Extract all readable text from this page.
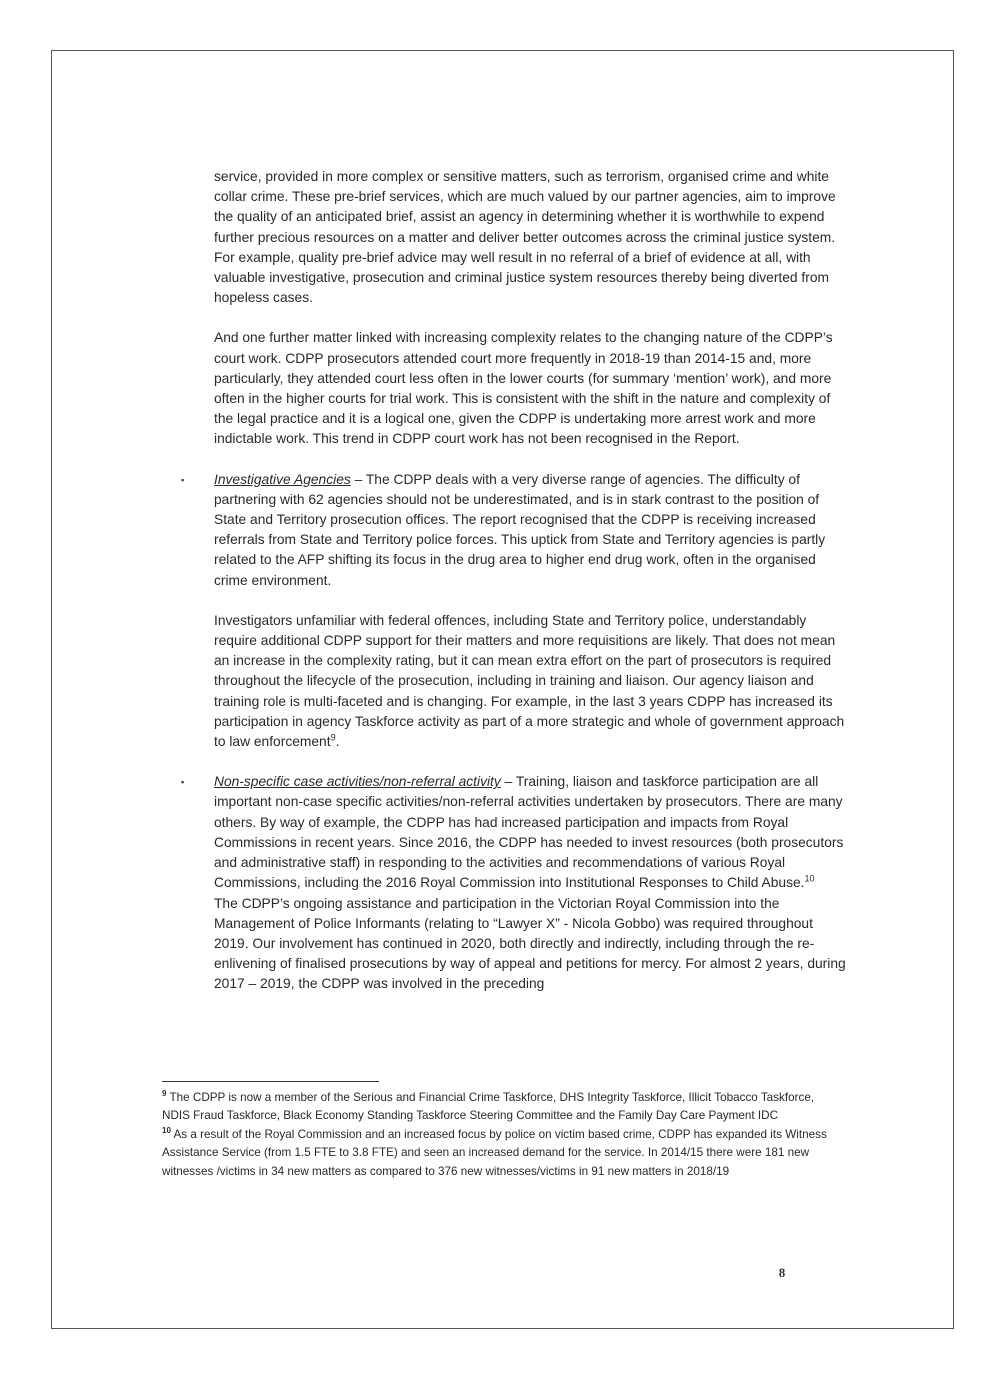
service, provided in more complex or sensitive matters, such as terrorism, organised crime and white collar crime. These pre-brief services, which are much valued by our partner agencies, aim to improve the quality of an anticipated brief, assist an agency in determining whether it is worthwhile to expend further precious resources on a matter and deliver better outcomes across the criminal justice system. For example, quality pre-brief advice may well result in no referral of a brief of evidence at all, with valuable investigative, prosecution and criminal justice system resources thereby being diverted from hopeless cases.

And one further matter linked with increasing complexity relates to the changing nature of the CDPP’s court work. CDPP prosecutors attended court more frequently in 2018-19 than 2014-15 and, more particularly, they attended court less often in the lower courts (for summary ‘mention’ work), and more often in the higher courts for trial work. This is consistent with the shift in the nature and complexity of the legal practice and it is a logical one, given the CDPP is undertaking more arrest work and more indictable work. This trend in CDPP court work has not been recognised in the Report.

▪ Investigative Agencies – The CDPP deals with a very diverse range of agencies. The difficulty of partnering with 62 agencies should not be underestimated, and is in stark contrast to the position of State and Territory prosecution offices. The report recognised that the CDPP is receiving increased referrals from State and Territory police forces. This uptick from State and Territory agencies is partly related to the AFP shifting its focus in the drug area to higher end drug work, often in the organised crime environment.

Investigators unfamiliar with federal offences, including State and Territory police, understandably require additional CDPP support for their matters and more requisitions are likely. That does not mean an increase in the complexity rating, but it can mean extra effort on the part of prosecutors is required throughout the lifecycle of the prosecution, including in training and liaison. Our agency liaison and training role is multi-faceted and is changing. For example, in the last 3 years CDPP has increased its participation in agency Taskforce activity as part of a more strategic and whole of government approach to law enforcement$^9$.

▪ Non-specific case activities/non-referral activity – Training, liaison and taskforce participation are all important non-case specific activities/non-referral activities undertaken by prosecutors. There are many others. By way of example, the CDPP has had increased participation and impacts from Royal Commissions in recent years. Since 2016, the CDPP has needed to invest resources (both prosecutors and administrative staff) in responding to the activities and recommendations of various Royal Commissions, including the 2016 Royal Commission into Institutional Responses to Child Abuse.$^{10}$

The CDPP’s ongoing assistance and participation in the Victorian Royal Commission into the Management of Police Informants (relating to “Lawyer X” - Nicola Gobbo) was required throughout 2019. Our involvement has continued in 2020, both directly and indirectly, including through the re-enlivening of finalised prosecutions by way of appeal and petitions for mercy. For almost 2 years, during 2017 – 2019, the CDPP was involved in the preceding

$^9$ The CDPP is now a member of the Serious and Financial Crime Taskforce, DHS Integrity Taskforce, Illicit Tobacco Taskforce, NDIS Fraud Taskforce, Black Economy Standing Taskforce Steering Committee and the Family Day Care Payment IDC

$^{10}$ As a result of the Royal Commission and an increased focus by police on victim based crime, CDPP has expanded its Witness Assistance Service (from 1.5 FTE to 3.8 FTE) and seen an increased demand for the service. In 2014/15 there were 181 new witnesses /victims in 34 new matters as compared to 376 new witnesses/victims in 91 new matters in 2018/19

8
